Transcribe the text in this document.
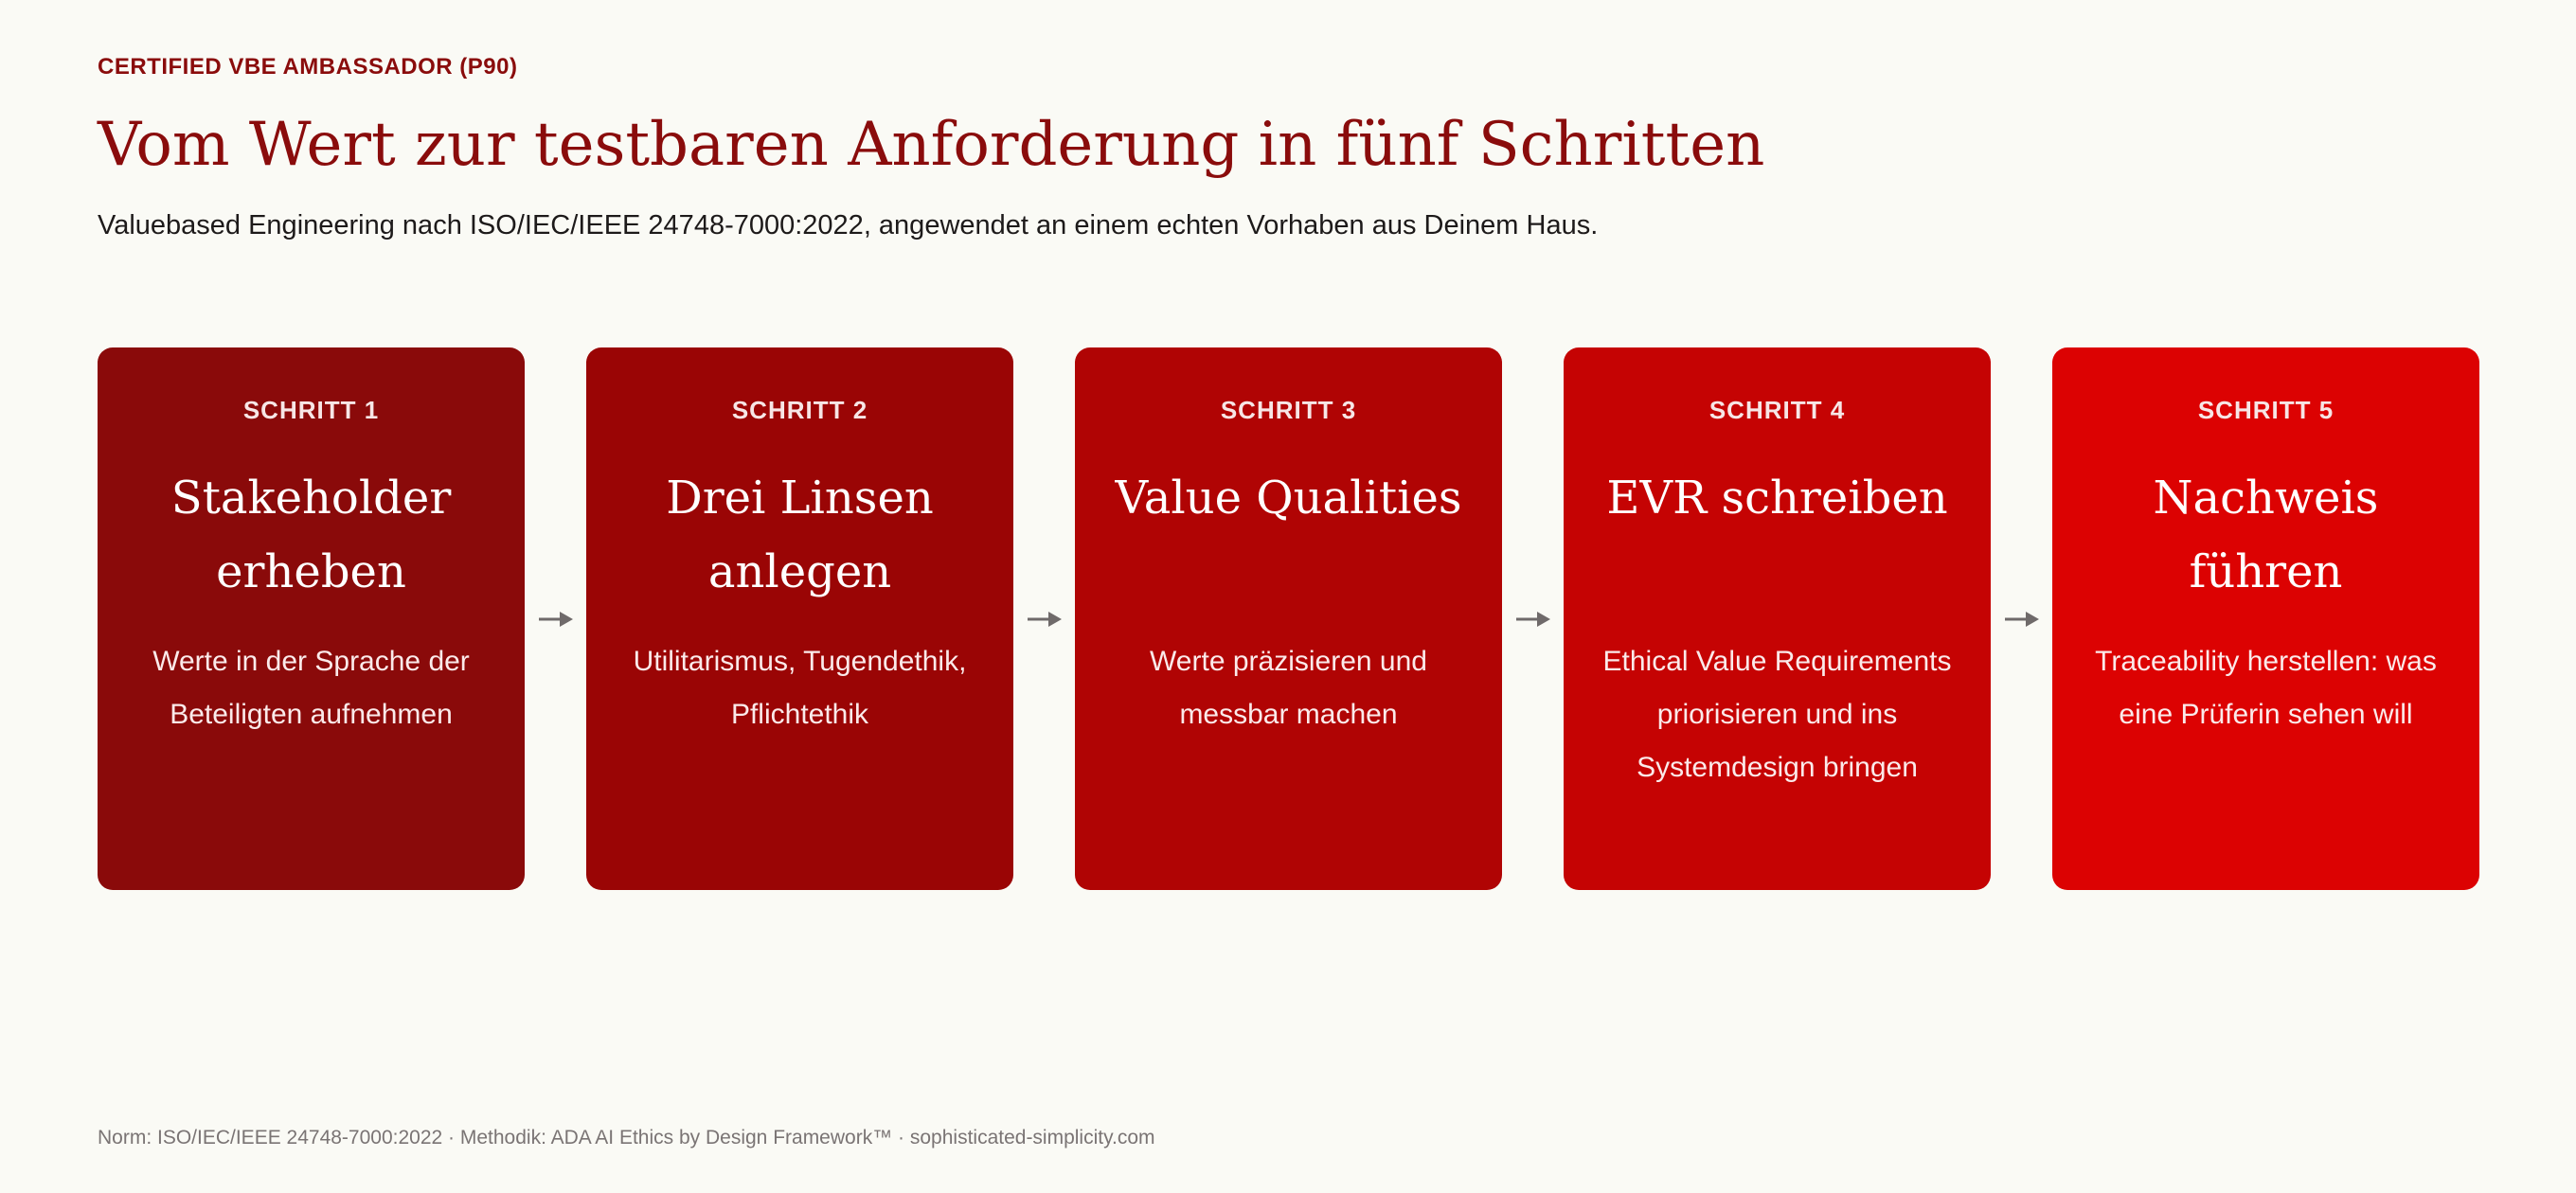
CERTIFIED VBE AMBASSADOR (P90)

Vom Wert zur testbaren Anforderung in fünf Schritten

Valuebased Engineering nach ISO/IEC/IEEE 24748-7000:2022, angewendet an einem echten Vorhaben aus Deinem Haus.

SCHRITT 1
Stakeholder erheben
Werte in der Sprache der Beteiligten aufnehmen
SCHRITT 2
Drei Linsen anlegen
Utilitarismus, Tugendethik, Pflichtethik
SCHRITT 3
Value Qualities
Werte präzisieren und messbar machen
SCHRITT 4
EVR schreiben
Ethical Value Requirements priorisieren und ins Systemdesign bringen
SCHRITT 5
Nachweis führen
Traceability herstellen: was eine Prüferin sehen will

Norm: ISO/IEC/IEEE 24748-7000:2022 · Methodik: ADA AI Ethics by Design Framework™ · sophisticated-simplicity.com
